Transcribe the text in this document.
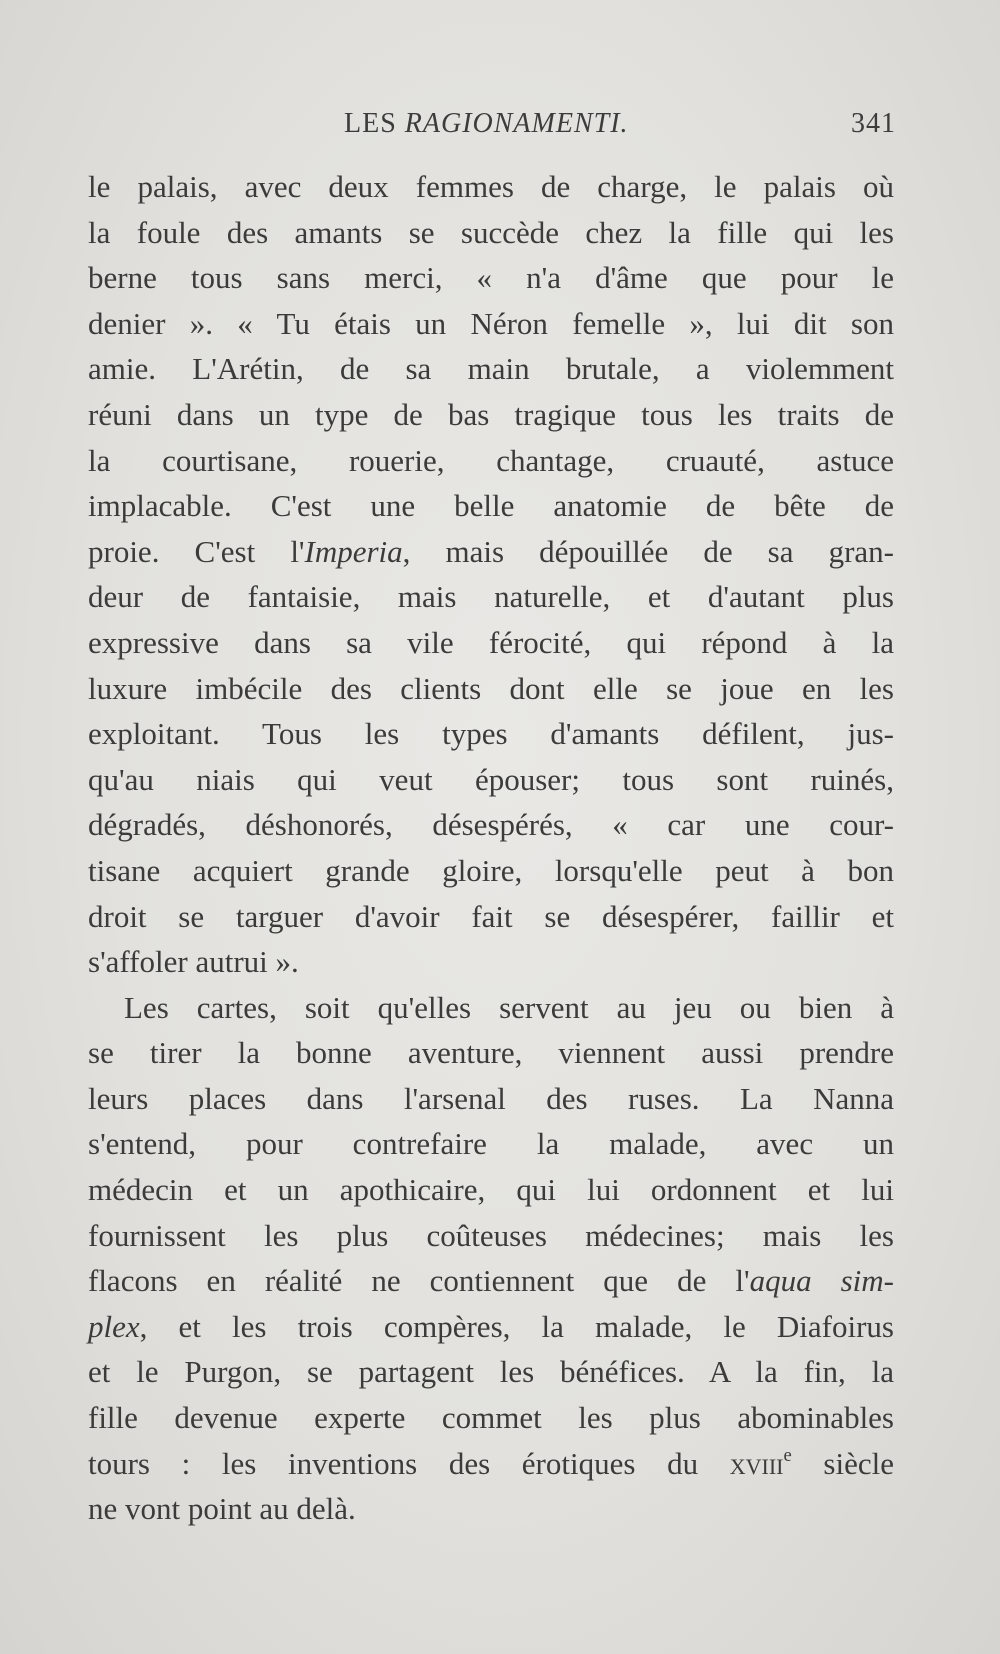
LES RAGIONAMENTI.	341
le palais, avec deux femmes de charge, le palais où
la foule des amants se succède chez la fille qui les
berne tous sans merci, « n'a d'âme que pour le
denier ». « Tu étais un Néron femelle », lui dit son
amie. L'Arétin, de sa main brutale, a violemment
réuni dans un type de bas tragique tous les traits de
la courtisane, rouerie, chantage, cruauté, astuce
implacable. C'est une belle anatomie de bête de
proie. C'est l'Imperia, mais dépouillée de sa gran-
deur de fantaisie, mais naturelle, et d'autant plus
expressive dans sa vile férocité, qui répond à la
luxure imbécile des clients dont elle se joue en les
exploitant. Tous les types d'amants défilent, jus-
qu'au niais qui veut épouser; tous sont ruinés,
dégradés, déshonorés, désespérés, « car une cour-
tisane acquiert grande gloire, lorsqu'elle peut à bon
droit se targuer d'avoir fait se désespérer, faillir et
s'affoler autrui ».
Les cartes, soit qu'elles servent au jeu ou bien à
se tirer la bonne aventure, viennent aussi prendre
leurs places dans l'arsenal des ruses. La Nanna
s'entend, pour contrefaire la malade, avec un
médecin et un apothicaire, qui lui ordonnent et lui
fournissent les plus coûteuses médecines; mais les
flacons en réalité ne contiennent que de l'aqua sim-
plex, et les trois compères, la malade, le Diafoirus
et le Purgon, se partagent les bénéfices. A la fin, la
fille devenue experte commet les plus abominables
tours : les inventions des érotiques du xviii$^e$ siècle
ne vont point au delà.
